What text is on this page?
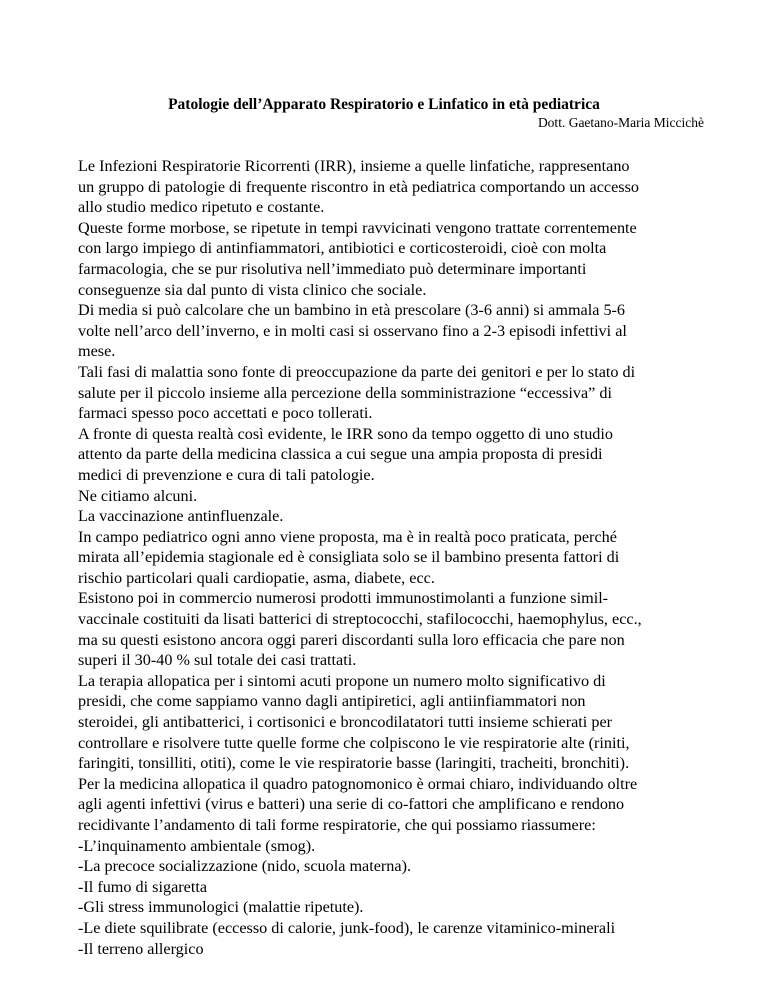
Patologie dell’Apparato Respiratorio e Linfatico in età pediatrica
Dott. Gaetano-Maria Miccichè
Le Infezioni Respiratorie Ricorrenti (IRR), insieme a quelle linfatiche, rappresentano
un gruppo di patologie di frequente riscontro in età pediatrica comportando un accesso
allo studio medico ripetuto e costante.
Queste forme morbose, se ripetute in tempi ravvicinati vengono trattate correntemente
con largo impiego di antinfiammatori, antibiotici e corticosteroidi, cioè con molta
farmacologia, che se pur risolutiva nell’immediato può determinare importanti
conseguenze sia dal punto di vista clinico che sociale.
Di media si può calcolare che un bambino in età prescolare (3-6 anni) si ammala 5-6
volte nell’arco dell’inverno, e in molti casi si osservano fino a 2-3 episodi infettivi al
mese.
Tali fasi di malattia sono fonte di preoccupazione da parte dei genitori e per lo stato di
salute per il piccolo insieme alla percezione della somministrazione “eccessiva” di
farmaci spesso poco accettati e poco tollerati.
A fronte di questa realtà così evidente, le IRR sono da tempo oggetto di uno studio
attento da parte della medicina classica a cui segue una ampia proposta di presidi
medici di prevenzione e cura di tali patologie.
Ne citiamo alcuni.
La vaccinazione antinfluenzale.
In campo pediatrico ogni anno viene proposta, ma è in realtà poco praticata, perché
mirata all’epidemia stagionale ed è consigliata solo se il bambino presenta fattori di
rischio particolari quali cardiopatie, asma, diabete, ecc.
Esistono poi in commercio numerosi prodotti immunostimolanti a funzione simil-
vaccinale costituiti da lisati batterici di streptococchi, stafilococchi, haemophylus, ecc.,
ma su questi esistono ancora oggi pareri discordanti sulla loro efficacia che pare non
superi il 30-40 % sul totale dei casi trattati.
La terapia allopatica per i sintomi acuti propone un numero molto significativo di
presidi, che come sappiamo vanno dagli antipiretici, agli antiinfiammatori non
steroidei, gli antibatterici, i cortisonici e broncodilatatori tutti insieme schierati per
controllare e risolvere tutte quelle forme che colpiscono le vie respiratorie alte (riniti,
faringiti, tonsilliti, otiti), come le vie respiratorie basse (laringiti, tracheiti, bronchiti).
Per la medicina allopatica il quadro patognomonico è ormai chiaro, individuando oltre
agli agenti infettivi (virus e batteri) una serie di co-fattori che amplificano e rendono
recidivante l’andamento di tali forme respiratorie, che qui possiamo riassumere:
-L’inquinamento ambientale (smog).
-La precoce socializzazione (nido, scuola materna).
-Il fumo di sigaretta
-Gli stress immunologici (malattie ripetute).
-Le diete squilibrate (eccesso di calorie, junk-food), le carenze vitaminico-minerali
-Il terreno allergico
